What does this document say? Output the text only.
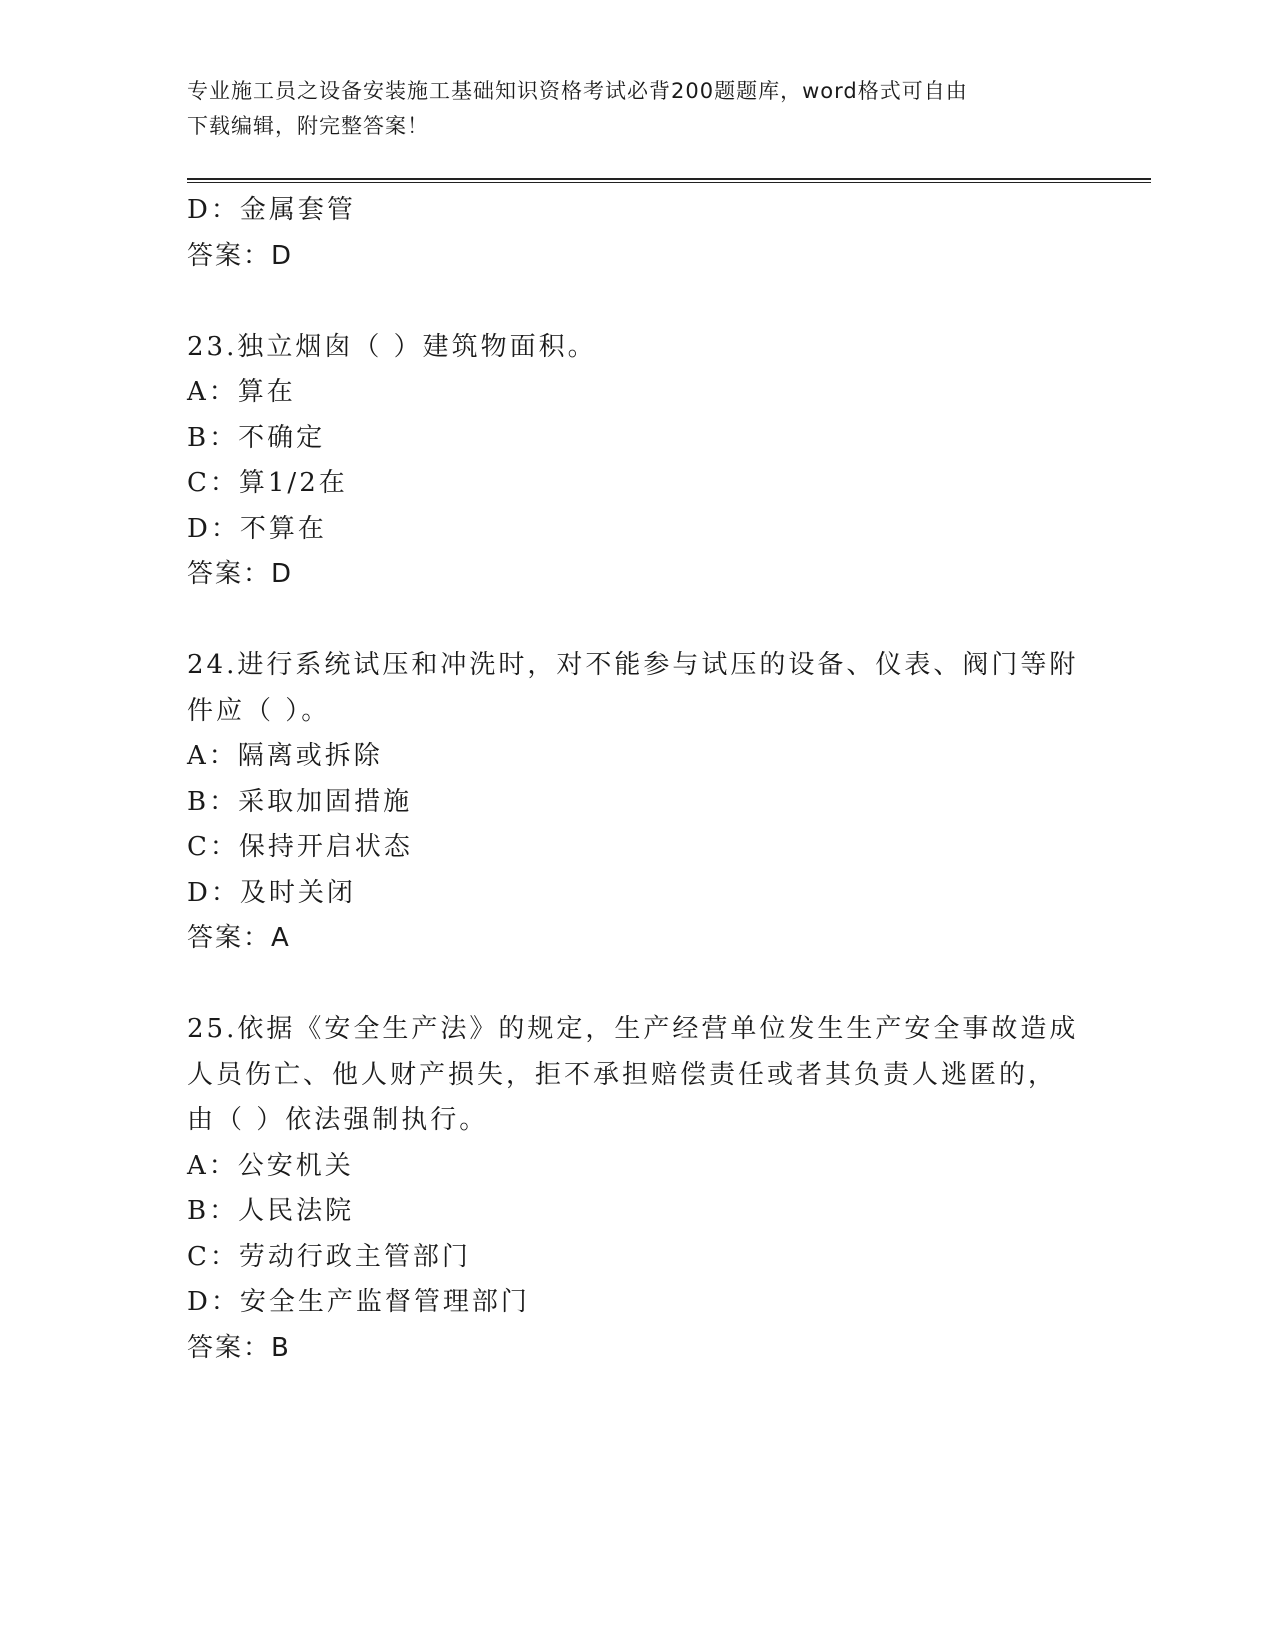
专业施工员之设备安装施工基础知识资格考试必背200题题库，word格式可自由
下载编辑，附完整答案！
D：金属套管
答案：D
23.独立烟囱（ ）建筑物面积。
A：算在
B：不确定
C：算1/2在
D：不算在
答案：D
24.进行系统试压和冲洗时，对不能参与试压的设备、仪表、阀门等附
件应（ ）。
A：隔离或拆除
B：采取加固措施
C：保持开启状态
D：及时关闭
答案：A
25.依据《安全生产法》的规定，生产经营单位发生生产安全事故造成
人员伤亡、他人财产损失，拒不承担赔偿责任或者其负责人逃匿的，
由（ ）依法强制执行。
A：公安机关
B：人民法院
C：劳动行政主管部门
D：安全生产监督管理部门
答案：B
